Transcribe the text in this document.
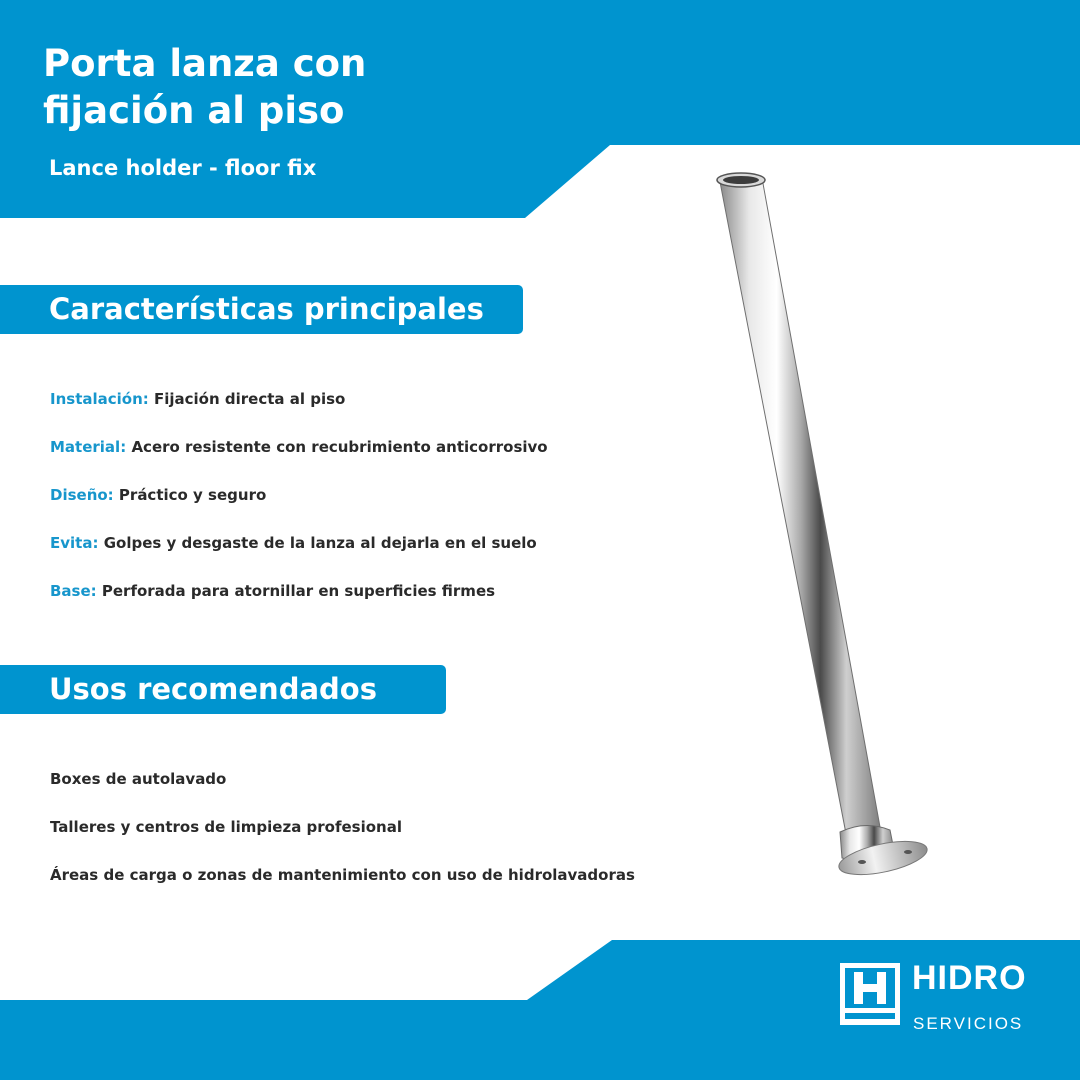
Porta lanza con
fijación al piso

Lance holder - floor fix

Características principales
Instalación: Fijación directa al piso
Material: Acero resistente con recubrimiento anticorrosivo
Diseño: Práctico y seguro
Evita: Golpes y desgaste de la lanza al dejarla en el suelo
Base: Perforada para atornillar en superficies firmes
Usos recomendados
Boxes de autolavado
Talleres y centros de limpieza profesional
Áreas de carga o zonas de mantenimiento con uso de hidrolavadoras
HIDRO
SERVICIOS
